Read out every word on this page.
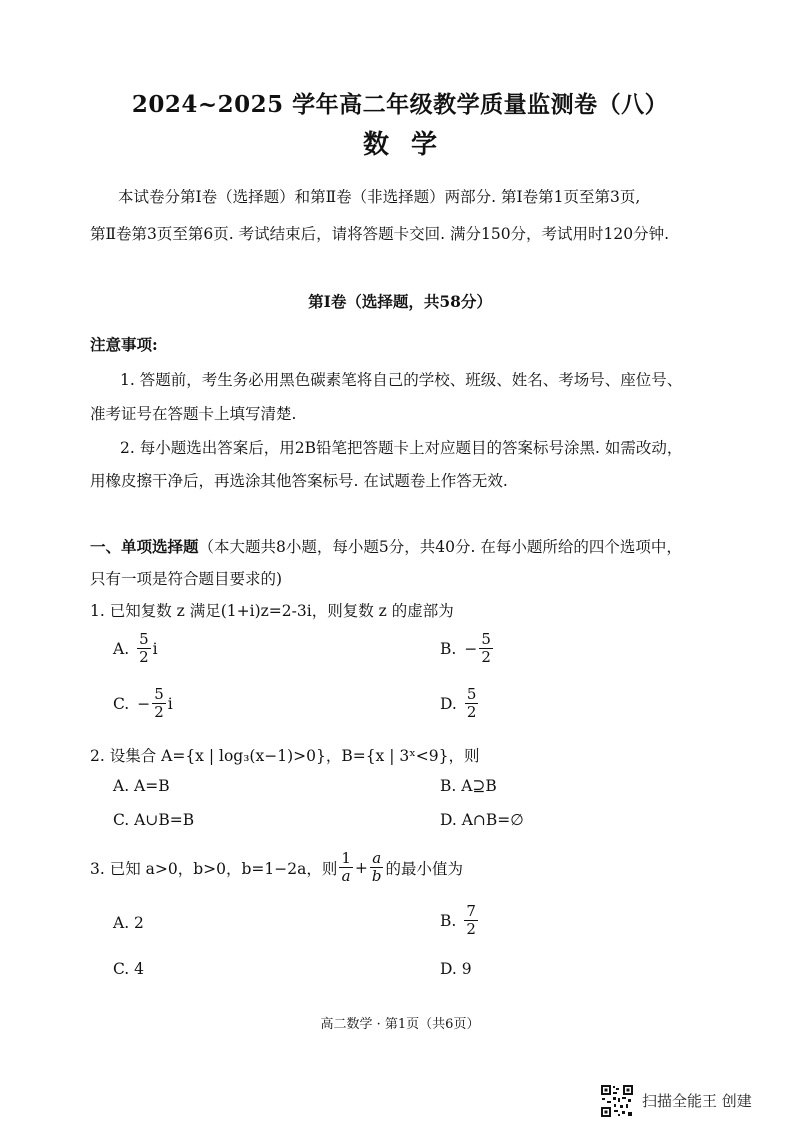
2024~2025 学年高二年级教学质量监测卷（八）
数学
本试卷分第Ⅰ卷（选择题）和第Ⅱ卷（非选择题）两部分. 第Ⅰ卷第1页至第3页,
第Ⅱ卷第3页至第6页. 考试结束后，请将答题卡交回. 满分150分，考试用时120分钟.
第Ⅰ卷（选择题，共58分）
注意事项:
1. 答题前，考生务必用黑色碳素笔将自己的学校、班级、姓名、考场号、座位号、
准考证号在答题卡上填写清楚.
2. 每小题选出答案后，用2B铅笔把答题卡上对应题目的答案标号涂黑. 如需改动，
用橡皮擦干净后，再选涂其他答案标号. 在试题卷上作答无效.
一、单项选择题（本大题共8小题，每小题5分，共40分. 在每小题所给的四个选项中，
只有一项是符合题目要求的)
1. 已知复数 z 满足(1+i)z=2-3i，则复数 z 的虚部为
A. $\frac{5}{2}$ i	B. − $\frac{5}{2}$
C. − $\frac{5}{2}$ i	D. $\frac{5}{2}$
2. 设集合 A={x | log₃(x−1)>0}，B={x | 3ˣ<9}，则
A. A=B	B. A⊇B
C. A∪B=B	D. A∩B=∅
3. 已知 a>0，b>0，b=1−2a，则 $\frac{1}{a} + \frac{a}{b}$ 的最小值为
A. 2	B. $\frac{7}{2}$
C. 4	D. 9
高二数学 · 第1页（共6页）
扫描全能王 创建
